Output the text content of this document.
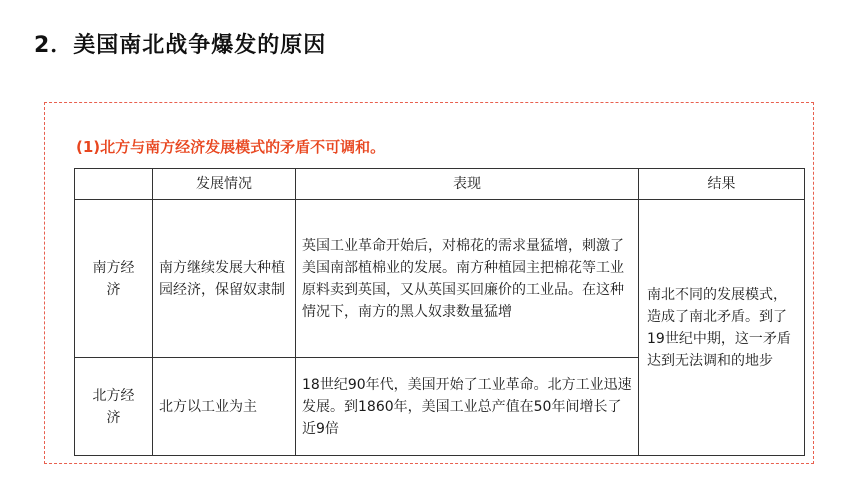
2．美国南北战争爆发的原因
(1)北方与南方经济发展模式的矛盾不可调和。
	发展情况	表现	结果
南方经济	南方继续发展大种植园经济，保留奴隶制	英国工业革命开始后，对棉花的需求量猛增，刺激了美国南部植棉业的发展。南方种植园主把棉花等工业原料卖到英国，又从英国买回廉价的工业品。在这种情况下，南方的黑人奴隶数量猛增	南北不同的发展模式，造成了南北矛盾。到了19世纪中期，这一矛盾达到无法调和的地步
北方经济	北方以工业为主	18世纪90年代，美国开始了工业革命。北方工业迅速发展。到1860年，美国工业总产值在50年间增长了近9倍	
